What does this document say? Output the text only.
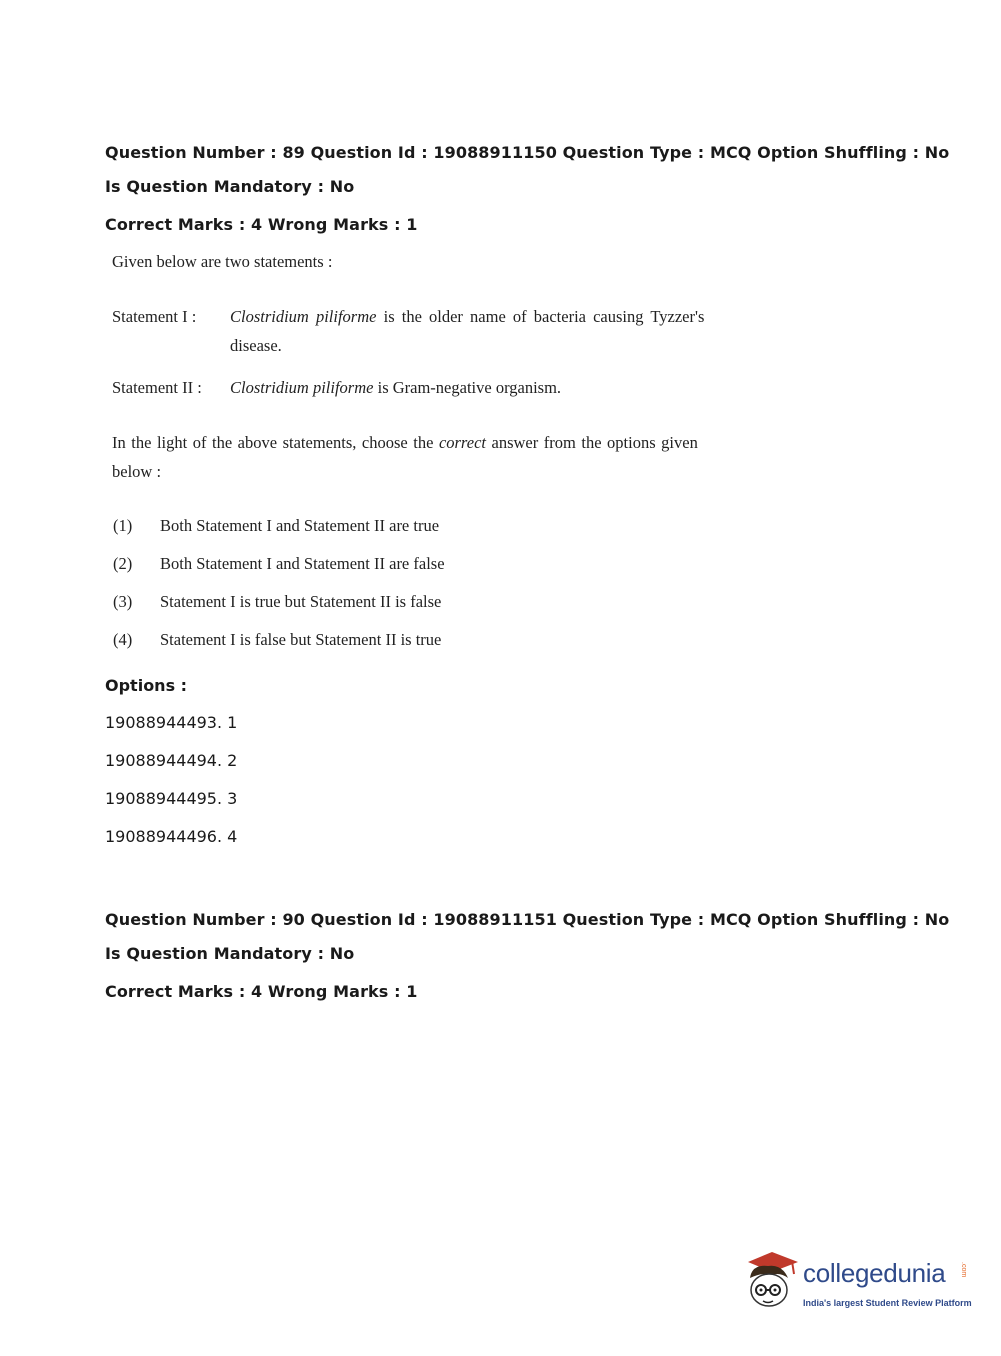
Question Number : 89 Question Id : 19088911150 Question Type : MCQ Option Shuffling : No
Is Question Mandatory : No
Correct Marks : 4 Wrong Marks : 1
Given below are two statements :
Statement I : Clostridium piliforme is the older name of bacteria causing Tyzzer's
disease.
Statement II : Clostridium piliforme is Gram-negative organism.
In the light of the above statements, choose the correct answer from the options given
below :
(1) Both Statement I and Statement II are true
(2) Both Statement I and Statement II are false
(3) Statement I is true but Statement II is false
(4) Statement I is false but Statement II is true
Options :
19088944493. 1
19088944494. 2
19088944495. 3
19088944496. 4
Question Number : 90 Question Id : 19088911151 Question Type : MCQ Option Shuffling : No
Is Question Mandatory : No
Correct Marks : 4 Wrong Marks : 1
collegedunia .com
India's largest Student Review Platform
